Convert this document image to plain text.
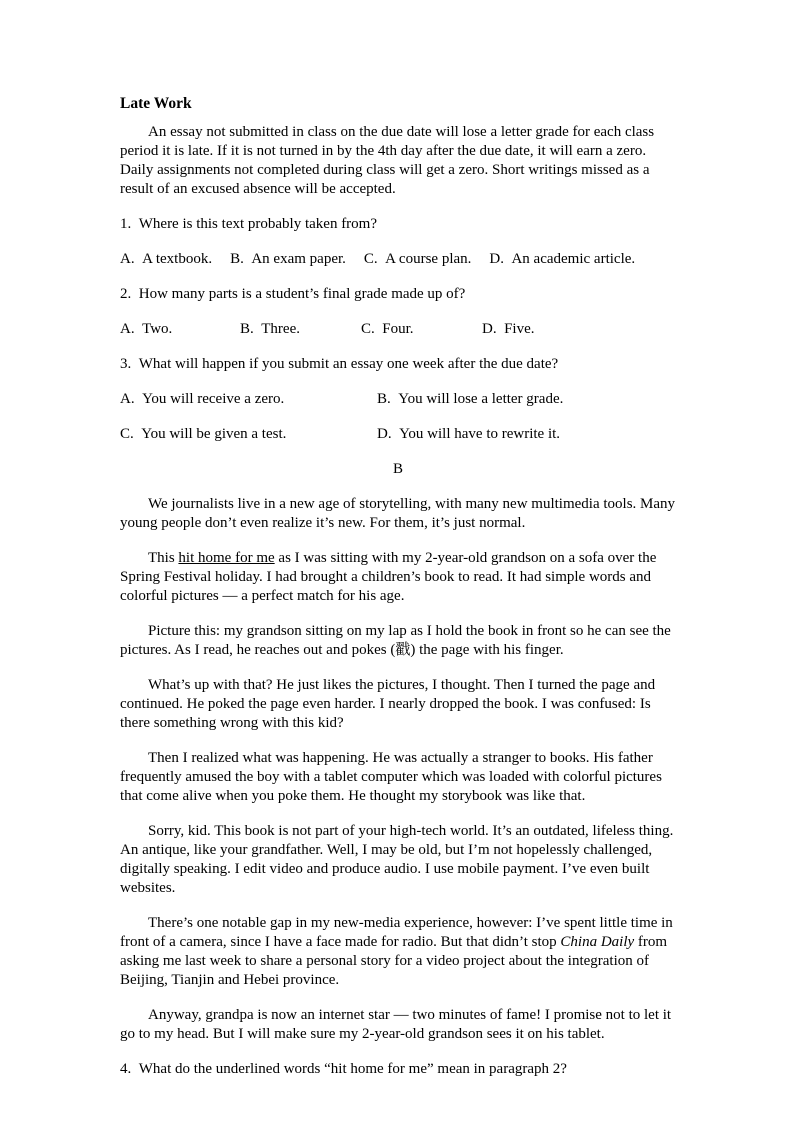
Late Work

An essay not submitted in class on the due date will lose a letter grade for each class period it is late. If it is not turned in by the 4th day after the due date, it will earn a zero. Daily assignments not completed during class will get a zero. Short writings missed as a result of an excused absence will be accepted.

1. Where is this text probably taken from?

A. A textbook. B. An exam paper. C. A course plan. D. An academic article.

2. How many parts is a student’s final grade made up of?

A. Two.	B. Three.	C. Four.	D. Five.

3. What will happen if you submit an essay one week after the due date?

A. You will receive a zero.	B. You will lose a letter grade.
C. You will be given a test.	D. You will have to rewrite it.

B

We journalists live in a new age of storytelling, with many new multimedia tools. Many young people don’t even realize it’s new. For them, it’s just normal.

This hit home for me as I was sitting with my 2-year-old grandson on a sofa over the Spring Festival holiday. I had brought a children’s book to read. It had simple words and colorful pictures — a perfect match for his age.

Picture this: my grandson sitting on my lap as I hold the book in front so he can see the pictures. As I read, he reaches out and pokes (戳) the page with his finger.

What’s up with that? He just likes the pictures, I thought. Then I turned the page and continued. He poked the page even harder. I nearly dropped the book. I was confused: Is there something wrong with this kid?

Then I realized what was happening. He was actually a stranger to books. His father frequently amused the boy with a tablet computer which was loaded with colorful pictures that come alive when you poke them. He thought my storybook was like that.

Sorry, kid. This book is not part of your high-tech world. It’s an outdated, lifeless thing. An antique, like your grandfather. Well, I may be old, but I’m not hopelessly challenged, digitally speaking. I edit video and produce audio. I use mobile payment. I’ve even built websites.

There’s one notable gap in my new-media experience, however: I’ve spent little time in front of a camera, since I have a face made for radio. But that didn’t stop China Daily from asking me last week to share a personal story for a video project about the integration of Beijing, Tianjin and Hebei province.

Anyway, grandpa is now an internet star — two minutes of fame! I promise not to let it go to my head. But I will make sure my 2-year-old grandson sees it on his tablet.

4. What do the underlined words “hit home for me” mean in paragraph 2?
